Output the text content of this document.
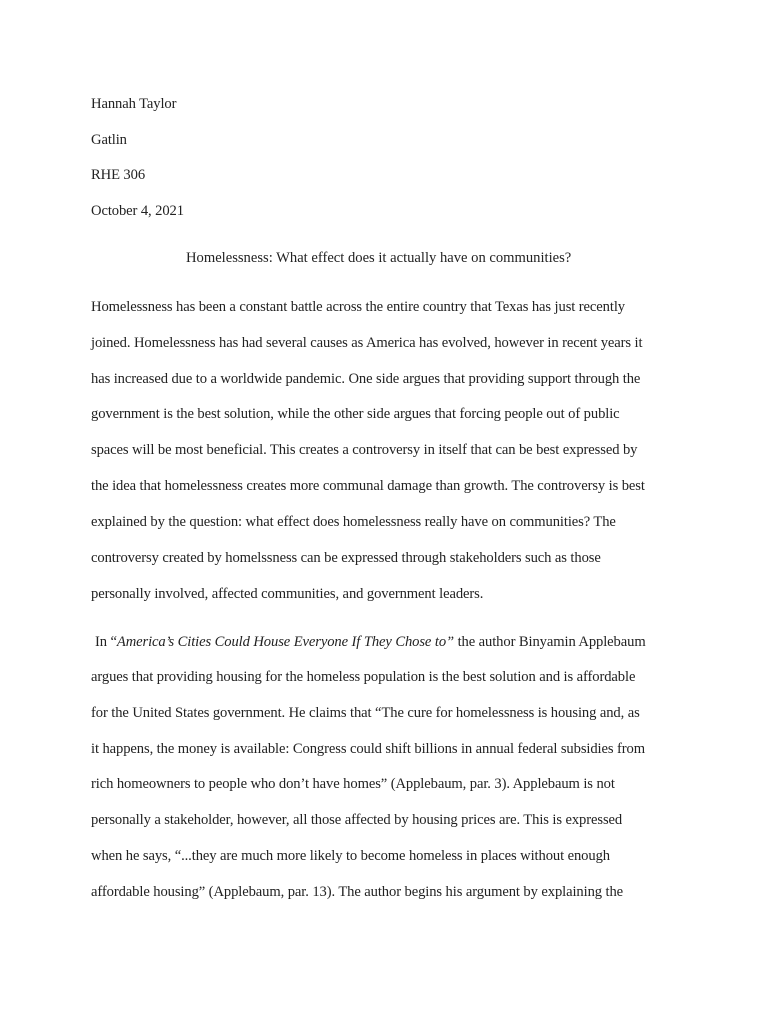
Hannah Taylor
Gatlin
RHE 306
October 4, 2021
Homelessness: What effect does it actually have on communities?
Homelessness has been a constant battle across the entire country that Texas has just recently
joined. Homelessness has had several causes as America has evolved, however in recent years it
has increased due to a worldwide pandemic. One side argues that providing support through the
government is the best solution, while the other side argues that forcing people out of public
spaces will be most beneficial. This creates a controversy in itself that can be best expressed by
the idea that homelessness creates more communal damage than growth. The controversy is best
explained by the question: what effect does homelessness really have on communities? The
controversy created by homelssness can be expressed through stakeholders such as those
personally involved, affected communities, and government leaders.
In “America’s Cities Could House Everyone If They Chose to” the author Binyamin Applebaum
argues that providing housing for the homeless population is the best solution and is affordable
for the United States government. He claims that “The cure for homelessness is housing and, as
it happens, the money is available: Congress could shift billions in annual federal subsidies from
rich homeowners to people who don’t have homes” (Applebaum, par. 3). Applebaum is not
personally a stakeholder, however, all those affected by housing prices are. This is expressed
when he says, “...they are much more likely to become homeless in places without enough
affordable housing” (Applebaum, par. 13). The author begins his argument by explaining the
